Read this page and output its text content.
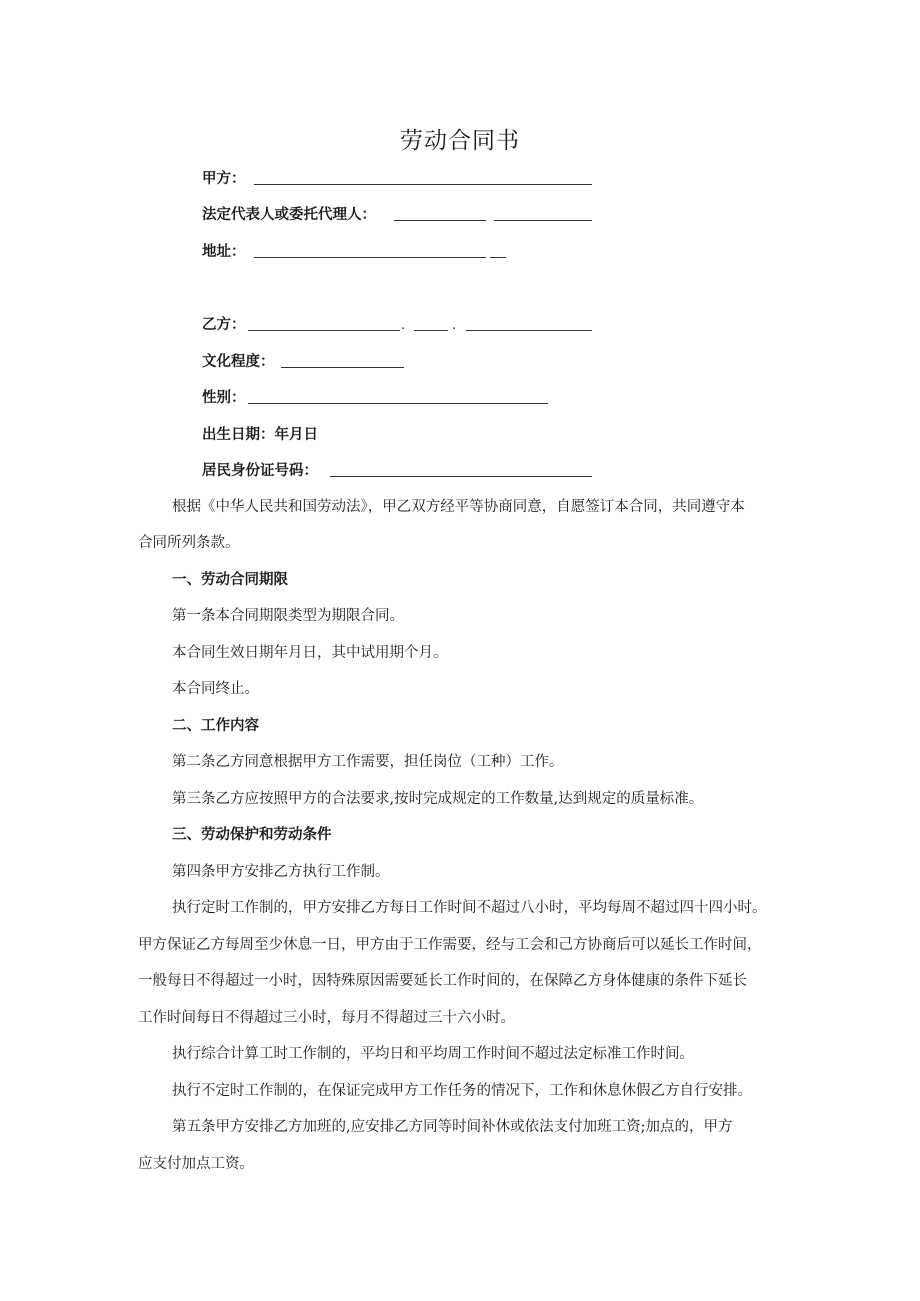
劳动合同书
甲方：
法定代表人或委托代理人：
地址：
乙方：	.	.
文化程度：
性别：
出生日期：年月日
居民身份证号码：
根据《中华人民共和国劳动法》，甲乙双方经平等协商同意，自愿签订本合同，共同遵守本
合同所列条款。
一、劳动合同期限
第一条本合同期限类型为期限合同。
本合同生效日期年月日，其中试用期个月。
本合同终止。
二、工作内容
第二条乙方同意根据甲方工作需要，担任岗位（工种）工作。
第三条乙方应按照甲方的合法要求,按时完成规定的工作数量,达到规定的质量标准。
三、劳动保护和劳动条件
第四条甲方安排乙方执行工作制。
执行定时工作制的，甲方安排乙方每日工作时间不超过八小时，平均每周不超过四十四小时。
甲方保证乙方每周至少休息一日，甲方由于工作需要，经与工会和己方协商后可以延长工作时间，
一般每日不得超过一小时，因特殊原因需要延长工作时间的，在保障乙方身体健康的条件下延长
工作时间每日不得超过三小时，每月不得超过三十六小时。
执行综合计算工时工作制的，平均日和平均周工作时间不超过法定标准工作时间。
执行不定时工作制的，在保证完成甲方工作任务的情况下，工作和休息休假乙方自行安排。
第五条甲方安排乙方加班的,应安排乙方同等时间补休或依法支付加班工资;加点的，甲方
应支付加点工资。
